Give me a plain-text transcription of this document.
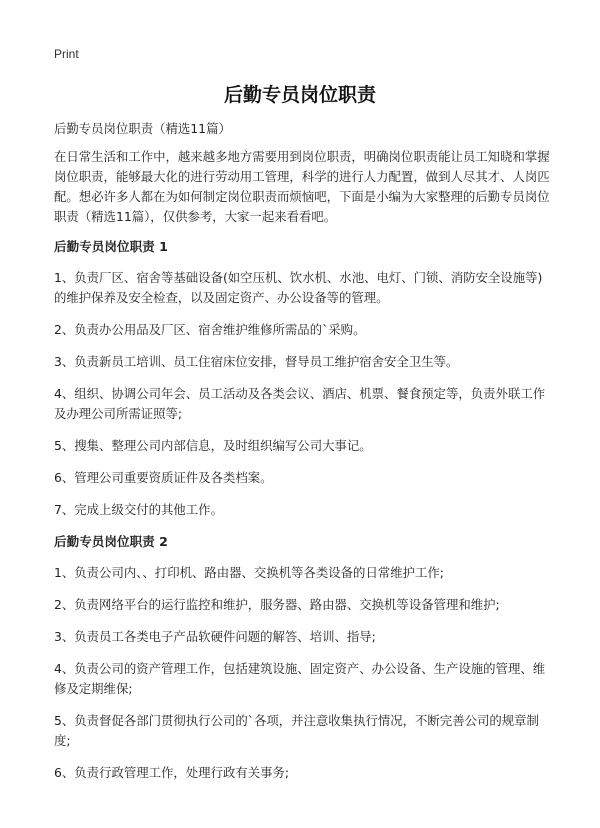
Print
后勤专员岗位职责

后勤专员岗位职责（精选11篇）

在日常生活和工作中，越来越多地方需要用到岗位职责，明确岗位职责能让员工知晓和掌握岗位职责，能够最大化的进行劳动用工管理，科学的进行人力配置，做到人尽其才、人岗匹配。想必许多人都在为如何制定岗位职责而烦恼吧，下面是小编为大家整理的后勤专员岗位职责（精选11篇），仅供参考，大家一起来看看吧。

后勤专员岗位职责 1

1、负责厂区、宿舍等基础设备(如空压机、饮水机、水池、电灯、门锁、消防安全设施等)的维护保养及安全检查，以及固定资产、办公设备等的管理。

2、负责办公用品及厂区、宿舍维护维修所需品的`采购。

3、负责新员工培训、员工住宿床位安排，督导员工维护宿舍安全卫生等。

4、组织、协调公司年会、员工活动及各类会议、酒店、机票、餐食预定等，负责外联工作及办理公司所需证照等;

5、搜集、整理公司内部信息，及时组织编写公司大事记。

6、管理公司重要资质证件及各类档案。

7、完成上级交付的其他工作。

后勤专员岗位职责 2

1、负责公司内、、打印机、路由器、交换机等各类设备的日常维护工作;

2、负责网络平台的运行监控和维护，服务器、路由器、交换机等设备管理和维护;

3、负责员工各类电子产品软硬件问题的解答、培训、指导;

4、负责公司的资产管理工作，包括建筑设施、固定资产、办公设备、生产设施的管理、维修及定期维保;

5、负责督促各部门贯彻执行公司的`各项，并注意收集执行情况，不断完善公司的规章制度;

6、负责行政管理工作，处理行政有关事务;
